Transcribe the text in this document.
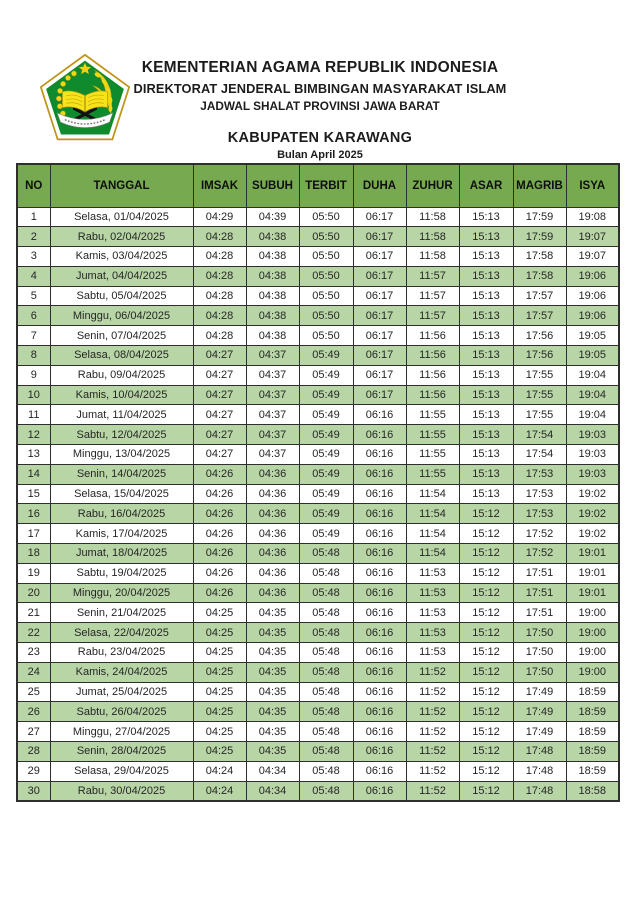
KEMENTERIAN AGAMA REPUBLIK INDONESIA
DIREKTORAT JENDERAL BIMBINGAN MASYARAKAT ISLAM
JADWAL SHALAT PROVINSI JAWA BARAT
KABUPATEN KARAWANG
Bulan April 2025
NO	TANGGAL	IMSAK	SUBUH	TERBIT	DUHA	ZUHUR	ASAR	MAGRIB	ISYA
1	Selasa, 01/04/2025	04:29	04:39	05:50	06:17	11:58	15:13	17:59	19:08
2	Rabu, 02/04/2025	04:28	04:38	05:50	06:17	11:58	15:13	17:59	19:07
3	Kamis, 03/04/2025	04:28	04:38	05:50	06:17	11:58	15:13	17:58	19:07
4	Jumat, 04/04/2025	04:28	04:38	05:50	06:17	11:57	15:13	17:58	19:06
5	Sabtu, 05/04/2025	04:28	04:38	05:50	06:17	11:57	15:13	17:57	19:06
6	Minggu, 06/04/2025	04:28	04:38	05:50	06:17	11:57	15:13	17:57	19:06
7	Senin, 07/04/2025	04:28	04:38	05:50	06:17	11:56	15:13	17:56	19:05
8	Selasa, 08/04/2025	04:27	04:37	05:49	06:17	11:56	15:13	17:56	19:05
9	Rabu, 09/04/2025	04:27	04:37	05:49	06:17	11:56	15:13	17:55	19:04
10	Kamis, 10/04/2025	04:27	04:37	05:49	06:17	11:56	15:13	17:55	19:04
11	Jumat, 11/04/2025	04:27	04:37	05:49	06:16	11:55	15:13	17:55	19:04
12	Sabtu, 12/04/2025	04:27	04:37	05:49	06:16	11:55	15:13	17:54	19:03
13	Minggu, 13/04/2025	04:27	04:37	05:49	06:16	11:55	15:13	17:54	19:03
14	Senin, 14/04/2025	04:26	04:36	05:49	06:16	11:55	15:13	17:53	19:03
15	Selasa, 15/04/2025	04:26	04:36	05:49	06:16	11:54	15:13	17:53	19:02
16	Rabu, 16/04/2025	04:26	04:36	05:49	06:16	11:54	15:12	17:53	19:02
17	Kamis, 17/04/2025	04:26	04:36	05:49	06:16	11:54	15:12	17:52	19:02
18	Jumat, 18/04/2025	04:26	04:36	05:48	06:16	11:54	15:12	17:52	19:01
19	Sabtu, 19/04/2025	04:26	04:36	05:48	06:16	11:53	15:12	17:51	19:01
20	Minggu, 20/04/2025	04:26	04:36	05:48	06:16	11:53	15:12	17:51	19:01
21	Senin, 21/04/2025	04:25	04:35	05:48	06:16	11:53	15:12	17:51	19:00
22	Selasa, 22/04/2025	04:25	04:35	05:48	06:16	11:53	15:12	17:50	19:00
23	Rabu, 23/04/2025	04:25	04:35	05:48	06:16	11:53	15:12	17:50	19:00
24	Kamis, 24/04/2025	04:25	04:35	05:48	06:16	11:52	15:12	17:50	19:00
25	Jumat, 25/04/2025	04:25	04:35	05:48	06:16	11:52	15:12	17:49	18:59
26	Sabtu, 26/04/2025	04:25	04:35	05:48	06:16	11:52	15:12	17:49	18:59
27	Minggu, 27/04/2025	04:25	04:35	05:48	06:16	11:52	15:12	17:49	18:59
28	Senin, 28/04/2025	04:25	04:35	05:48	06:16	11:52	15:12	17:48	18:59
29	Selasa, 29/04/2025	04:24	04:34	05:48	06:16	11:52	15:12	17:48	18:59
30	Rabu, 30/04/2025	04:24	04:34	05:48	06:16	11:52	15:12	17:48	18:58
